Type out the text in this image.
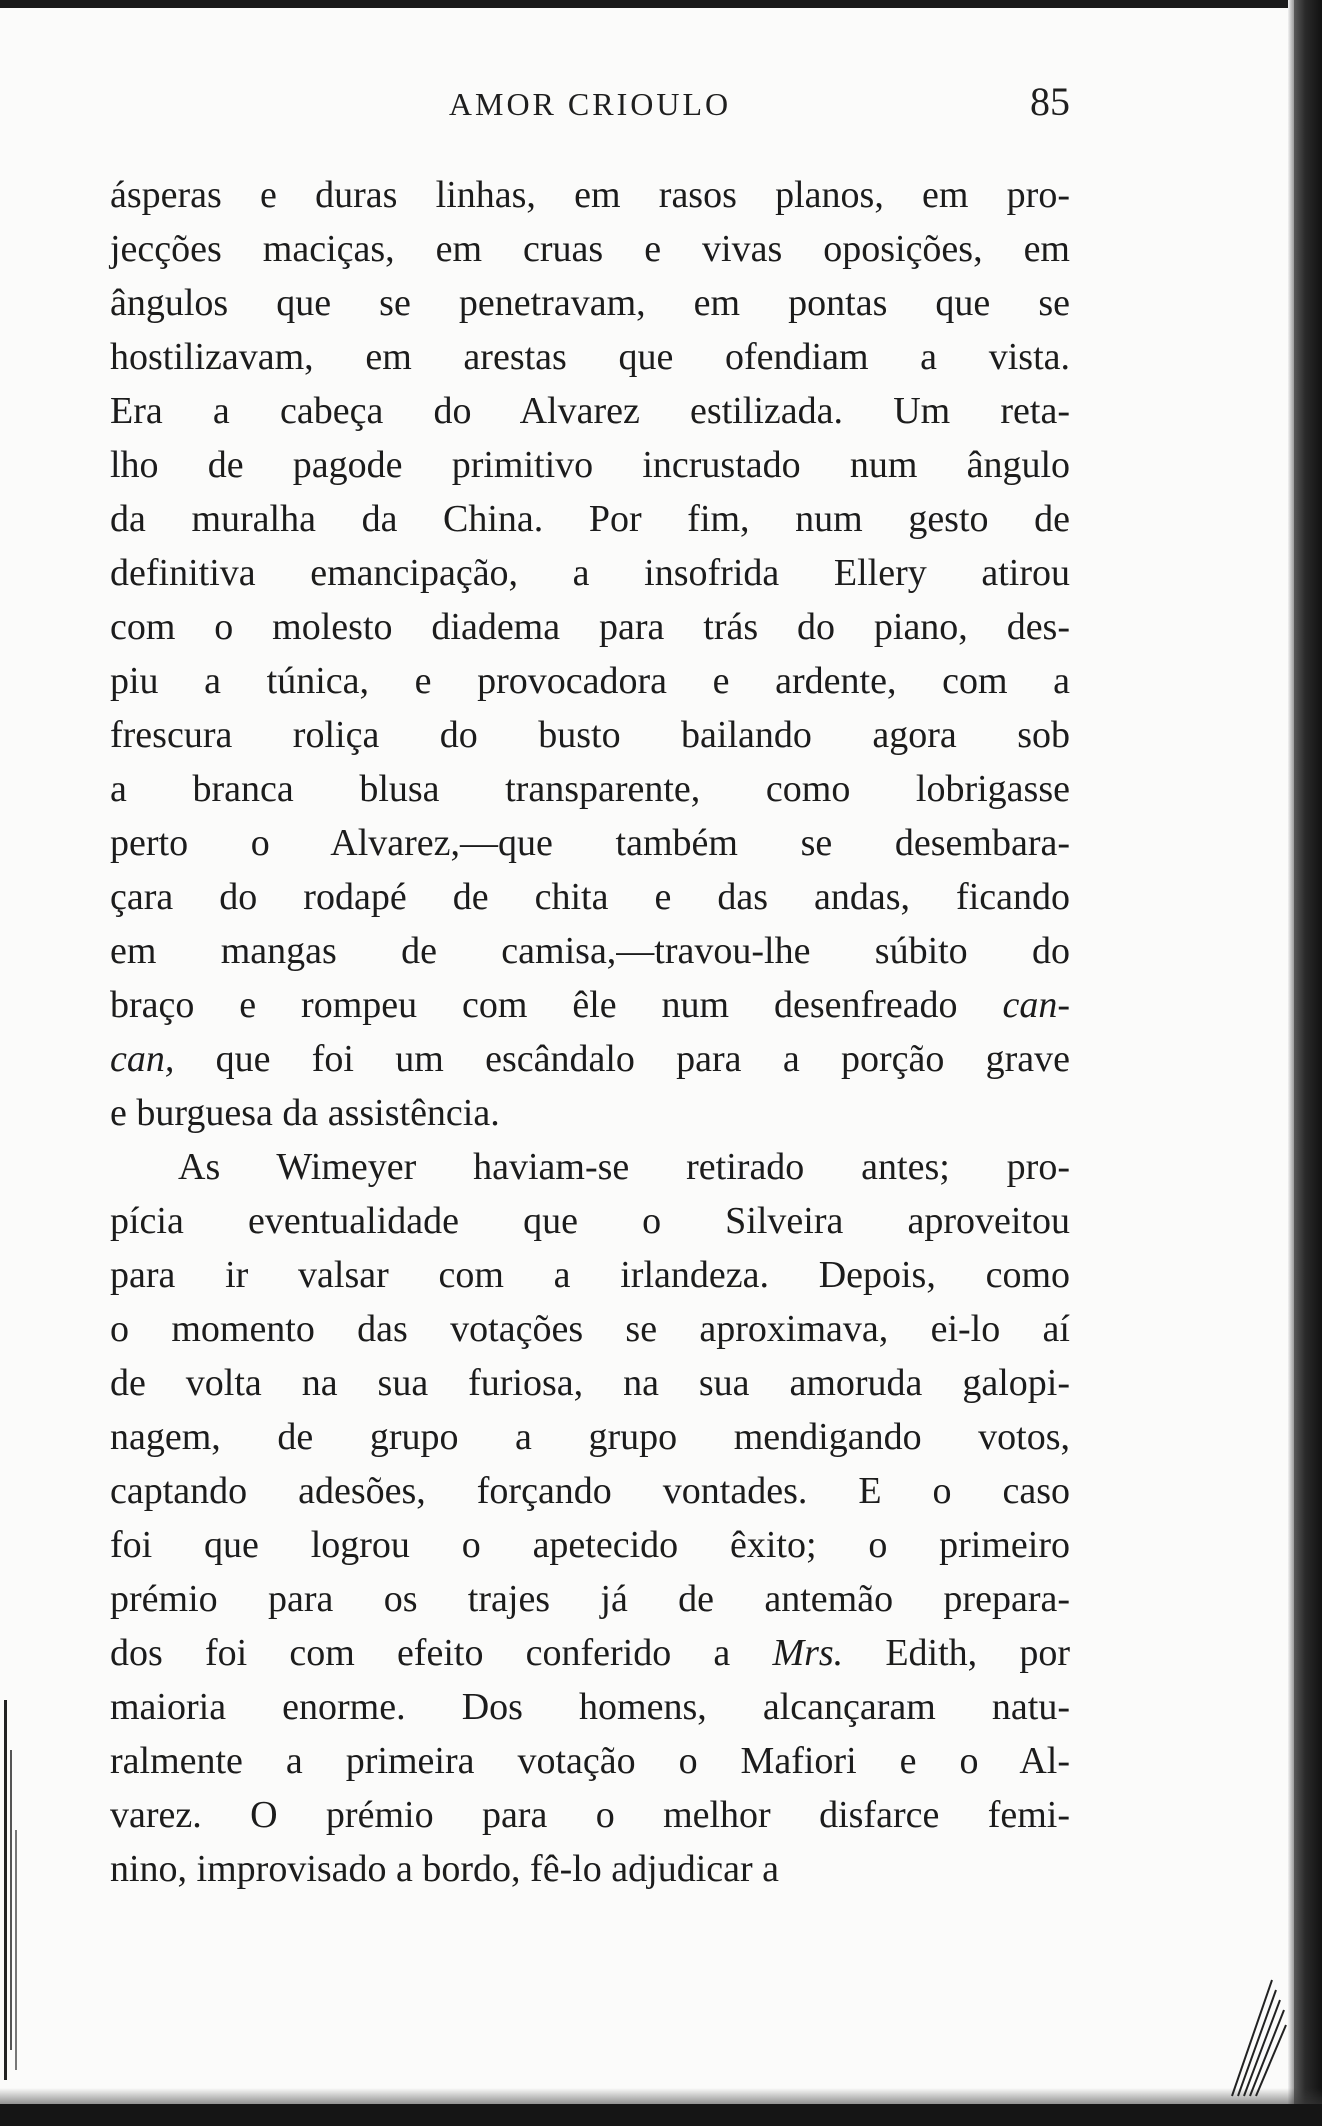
AMOR CRIOULO	85
ásperas e duras linhas, em rasos planos, em pro-
jecções maciças, em cruas e vivas oposições, em
ângulos que se penetravam, em pontas que se
hostilizavam, em arestas que ofendiam a vista.
Era a cabeça do Alvarez estilizada. Um reta-
lho de pagode primitivo incrustado num ângulo
da muralha da China. Por fim, num gesto de
definitiva emancipação, a insofrida Ellery atirou
com o molesto diadema para trás do piano, des-
piu a túnica, e provocadora e ardente, com a
frescura roliça do busto bailando agora sob
a branca blusa transparente, como lobrigasse
perto o Alvarez,—que também se desembara-
çara do rodapé de chita e das andas, ficando
em mangas de camisa,—travou-lhe súbito do
braço e rompeu com êle num desenfreado can-
can, que foi um escândalo para a porção grave
e burguesa da assistência.
As Wimeyer haviam-se retirado antes; pro-
pícia eventualidade que o Silveira aproveitou
para ir valsar com a irlandeza. Depois, como
o momento das votações se aproximava, ei-lo aí
de volta na sua furiosa, na sua amoruda galopi-
nagem, de grupo a grupo mendigando votos,
captando adesões, forçando vontades. E o caso
foi que logrou o apetecido êxito; o primeiro
prémio para os trajes já de antemão prepara-
dos foi com efeito conferido a Mrs. Edith, por
maioria enorme. Dos homens, alcançaram natu-
ralmente a primeira votação o Mafiori e o Al-
varez. O prémio para o melhor disfarce femi-
nino, improvisado a bordo, fê-lo adjudicar a
